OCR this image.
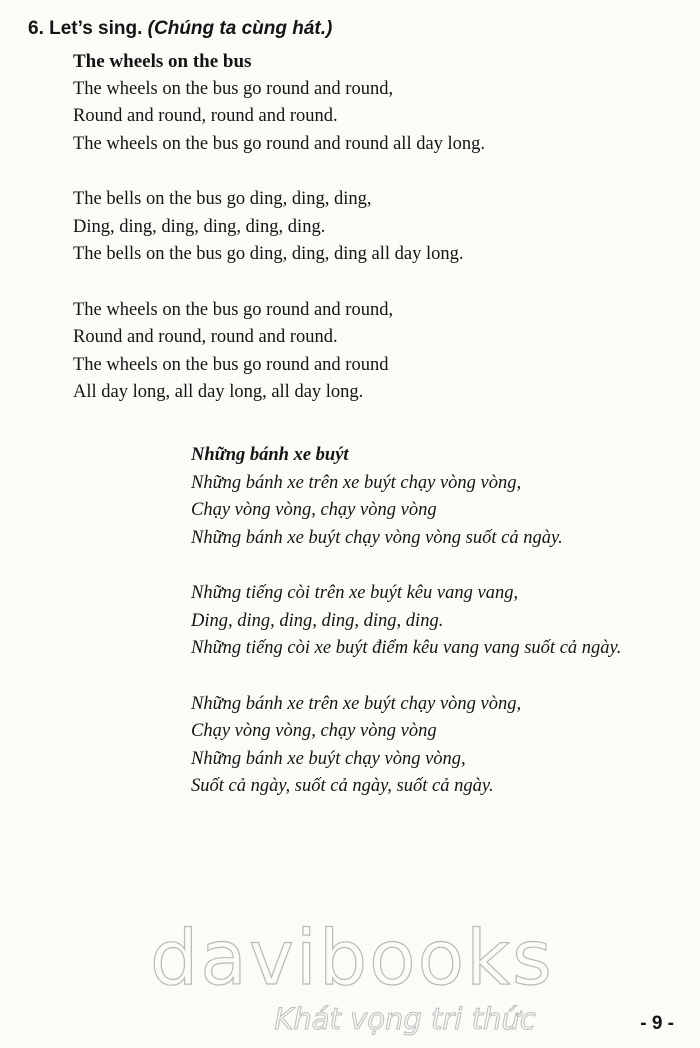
6. Let’s sing. (Chúng ta cùng hát.)
The wheels on the bus
The wheels on the bus go round and round,
Round and round, round and round.
The wheels on the bus go round and round all day long.
The bells on the bus go ding, ding, ding,
Ding, ding, ding, ding, ding, ding.
The bells on the bus go ding, ding, ding all day long.
The wheels on the bus go round and round,
Round and round, round and round.
The wheels on the bus go round and round
All day long, all day long, all day long.
Những bánh xe buýt
Những bánh xe trên xe buýt chạy vòng vòng,
Chạy vòng vòng, chạy vòng vòng
Những bánh xe buýt chạy vòng vòng suốt cả ngày.
Những tiếng còi trên xe buýt kêu vang vang,
Ding, ding, ding, ding, ding, ding.
Những tiếng còi xe buýt điểm kêu vang vang suốt cả ngày.
Những bánh xe trên xe buýt chạy vòng vòng,
Chạy vòng vòng, chạy vòng vòng
Những bánh xe buýt chạy vòng vòng,
Suốt cả ngày, suốt cả ngày, suốt cả ngày.
davibooks
Khát vọng tri thức	- 9 -
